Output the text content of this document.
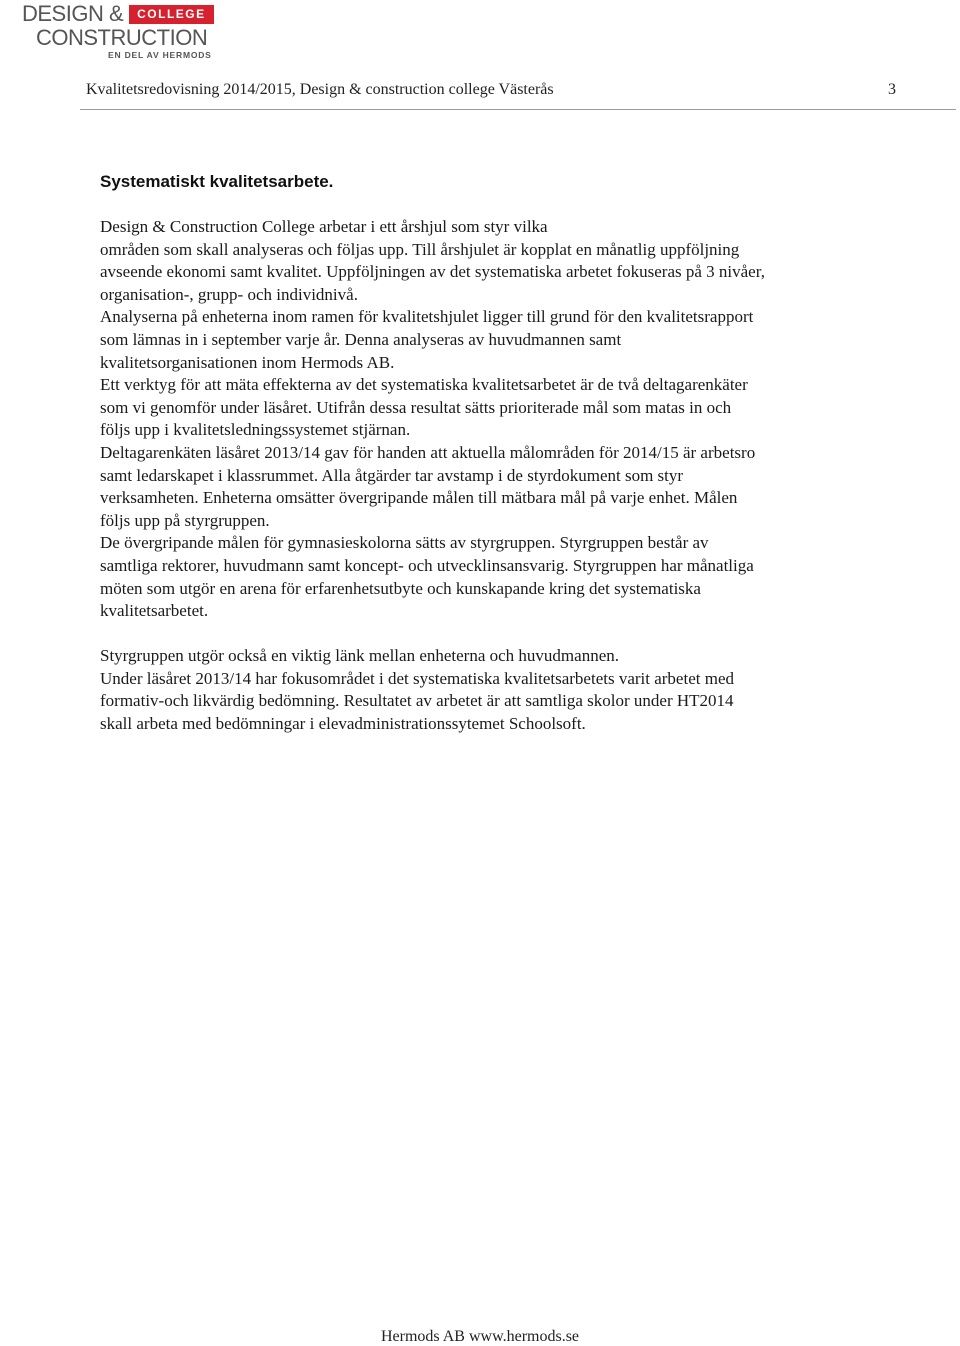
DESIGN &	COLLEGE
CONSTRUCTION
EN DEL AV HERMODS
Kvalitetsredovisning 2014/2015, Design & construction college Västerås	3
Systematiskt kvalitetsarbete.
Design & Construction College arbetar i ett årshjul som styr vilka
områden som skall analyseras och följas upp. Till årshjulet är kopplat en månatlig uppföljning
avseende ekonomi samt kvalitet. Uppföljningen av det systematiska arbetet fokuseras på 3 nivåer,
organisation-, grupp- och individnivå.
Analyserna på enheterna inom ramen för kvalitetshjulet ligger till grund för den kvalitetsrapport
som lämnas in i september varje år. Denna analyseras av huvudmannen samt
kvalitetsorganisationen inom Hermods AB.
Ett verktyg för att mäta effekterna av det systematiska kvalitetsarbetet är de två deltagarenkäter
som vi genomför under läsåret. Utifrån dessa resultat sätts prioriterade mål som matas in och
följs upp i kvalitetsledningssystemet stjärnan.
Deltagarenkäten läsåret 2013/14 gav för handen att aktuella målområden för 2014/15 är arbetsro
samt ledarskapet i klassrummet. Alla åtgärder tar avstamp i de styrdokument som styr
verksamheten. Enheterna omsätter övergripande målen till mätbara mål på varje enhet. Målen
följs upp på styrgruppen.
De övergripande målen för gymnasieskolorna sätts av styrgruppen. Styrgruppen består av
samtliga rektorer, huvudmann samt koncept- och utvecklinsansvarig. Styrgruppen har månatliga
möten som utgör en arena för erfarenhetsutbyte och kunskapande kring det systematiska
kvalitetsarbetet.
Styrgruppen utgör också en viktig länk mellan enheterna och huvudmannen.
Under läsåret 2013/14 har fokusområdet i det systematiska kvalitetsarbetets varit arbetet med
formativ-och likvärdig bedömning. Resultatet av arbetet är att samtliga skolor under HT2014
skall arbeta med bedömningar i elevadministrationssytemet Schoolsoft.
Hermods AB www.hermods.se
